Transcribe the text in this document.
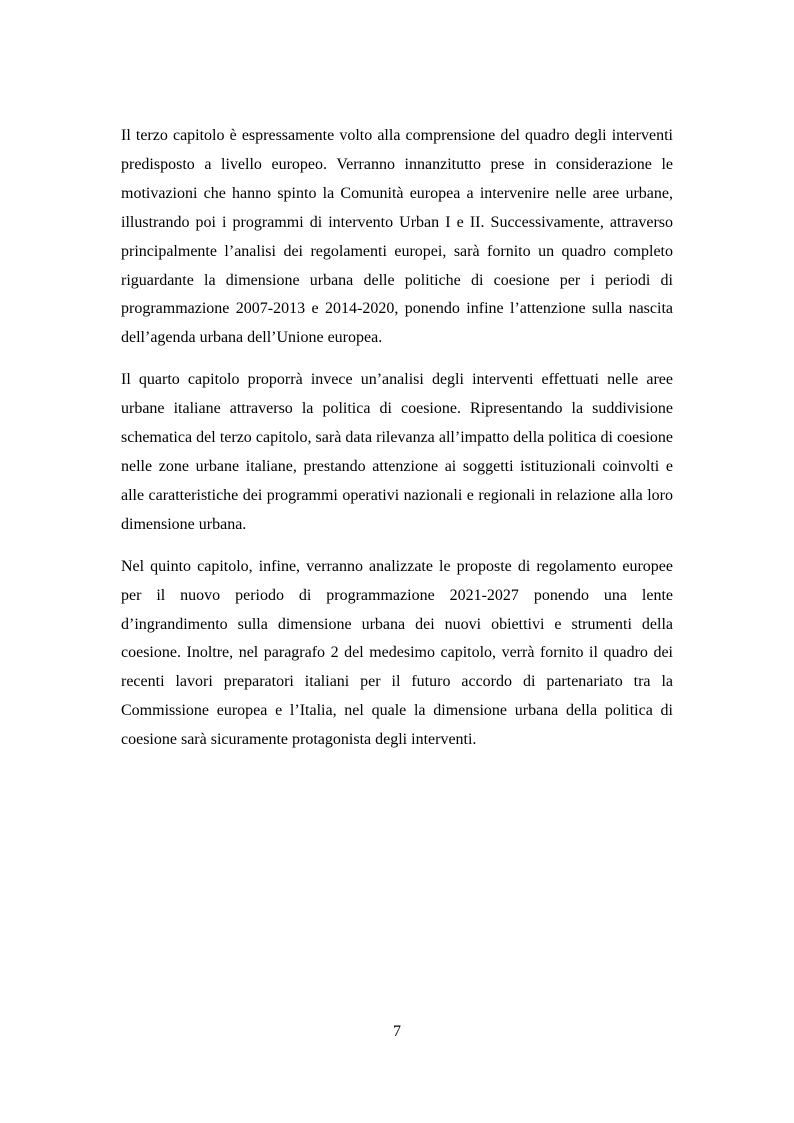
Il terzo capitolo è espressamente volto alla comprensione del quadro degli interventi predisposto a livello europeo. Verranno innanzitutto prese in considerazione le motivazioni che hanno spinto la Comunità europea a intervenire nelle aree urbane, illustrando poi i programmi di intervento Urban I e II. Successivamente, attraverso principalmente l’analisi dei regolamenti europei, sarà fornito un quadro completo riguardante la dimensione urbana delle politiche di coesione per i periodi di programmazione 2007-2013 e 2014-2020, ponendo infine l’attenzione sulla nascita dell’agenda urbana dell’Unione europea.

Il quarto capitolo proporrà invece un’analisi degli interventi effettuati nelle aree urbane italiane attraverso la politica di coesione. Ripresentando la suddivisione schematica del terzo capitolo, sarà data rilevanza all’impatto della politica di coesione nelle zone urbane italiane, prestando attenzione ai soggetti istituzionali coinvolti e alle caratteristiche dei programmi operativi nazionali e regionali in relazione alla loro dimensione urbana.

Nel quinto capitolo, infine, verranno analizzate le proposte di regolamento europee per il nuovo periodo di programmazione 2021-2027 ponendo una lente d’ingrandimento sulla dimensione urbana dei nuovi obiettivi e strumenti della coesione. Inoltre, nel paragrafo 2 del medesimo capitolo, verrà fornito il quadro dei recenti lavori preparatori italiani per il futuro accordo di partenariato tra la Commissione europea e l’Italia, nel quale la dimensione urbana della politica di coesione sarà sicuramente protagonista degli interventi.

7
